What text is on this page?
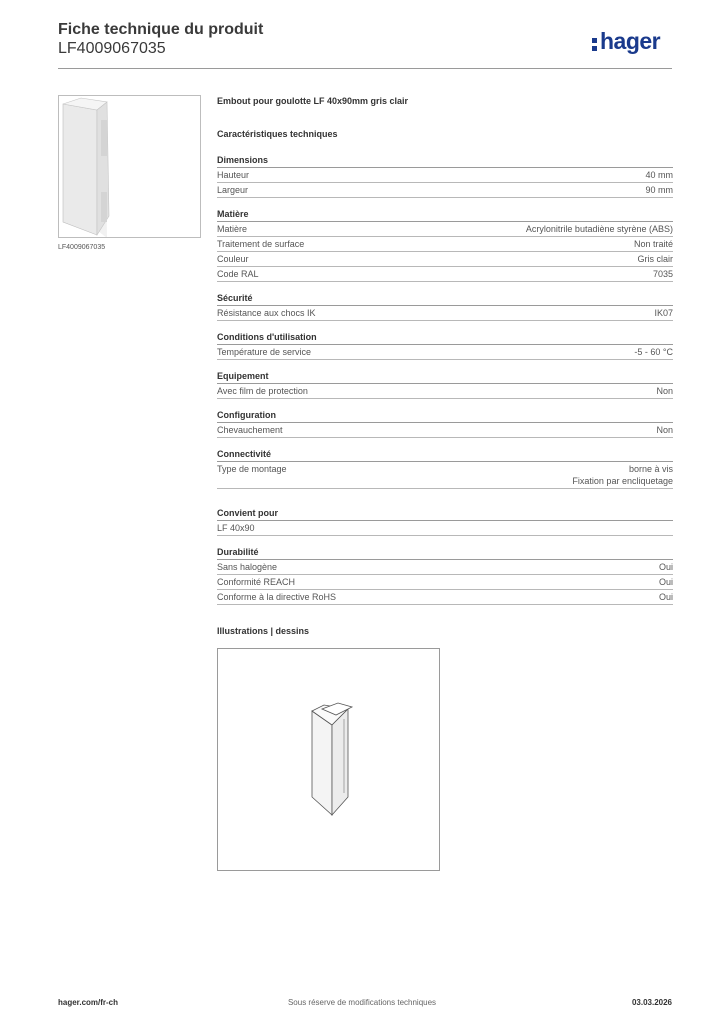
Fiche technique du produit
LF4009067035	hager
LF4009067035
Embout pour goulotte LF 40x90mm gris clair
Caractéristiques techniques
Dimensions
Hauteur	40 mm
Largeur	90 mm
Matière
Matière	Acrylonitrile butadiène styrène (ABS)
Traitement de surface	Non traité
Couleur	Gris clair
Code RAL	7035
Sécurité
Résistance aux chocs IK	IK07
Conditions d'utilisation
Température de service	-5 - 60 °C
Equipement
Avec film de protection	Non
Configuration
Chevauchement	Non
Connectivité
Type de montage	borne à vis
Fixation par encliquetage
Convient pour
LF 40x90
Durabilité
Sans halogène	Oui
Conformité REACH	Oui
Conforme à la directive RoHS	Oui
Illustrations | dessins
hager.com/fr-ch	Sous réserve de modifications techniques	03.03.2026
